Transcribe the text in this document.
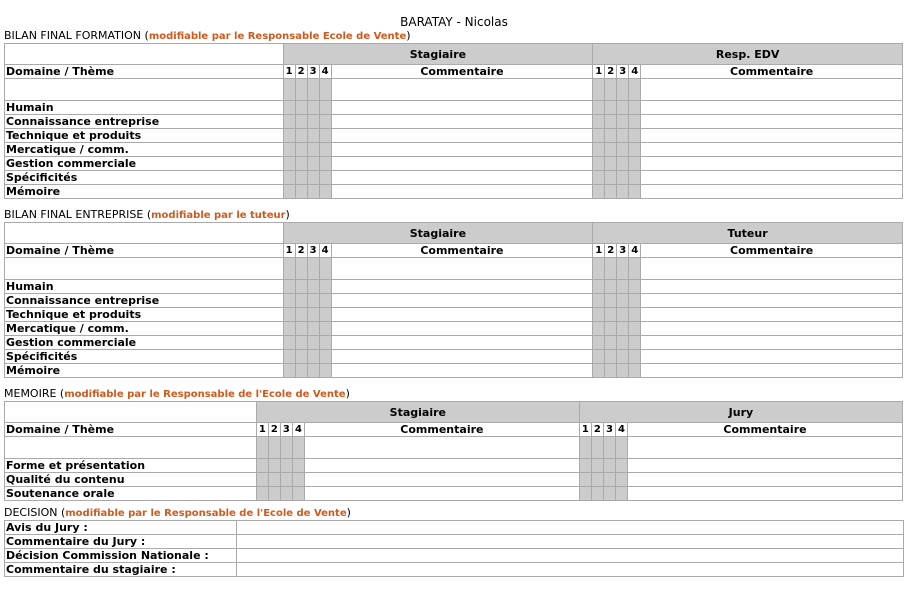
BARATAY - Nicolas
BILAN FINAL FORMATION (modifiable par le Responsable Ecole de Vente)
	Stagiaire					Resp. EDV				
Domaine / Thème	1	2	3	4	Commentaire	1	2	3	4	Commentaire

Humain										
Connaissance entreprise										
Technique et produits										
Mercatique / comm.										
Gestion commerciale										
Spécificités										
Mémoire										
BILAN FINAL ENTREPRISE (modifiable par le tuteur)
	Stagiaire					Tuteur				
Domaine / Thème	1	2	3	4	Commentaire	1	2	3	4	Commentaire

Humain										
Connaissance entreprise										
Technique et produits										
Mercatique / comm.										
Gestion commerciale										
Spécificités										
Mémoire										
MEMOIRE (modifiable par le Responsable de l'Ecole de Vente)
	Stagiaire					Jury				
Domaine / Thème	1	2	3	4	Commentaire	1	2	3	4	Commentaire

Forme et présentation										
Qualité du contenu										
Soutenance orale										
DECISION (modifiable par le Responsable de l'Ecole de Vente)
Avis du Jury :	
Commentaire du Jury :	
Décision Commission Nationale :	
Commentaire du stagiaire :	
